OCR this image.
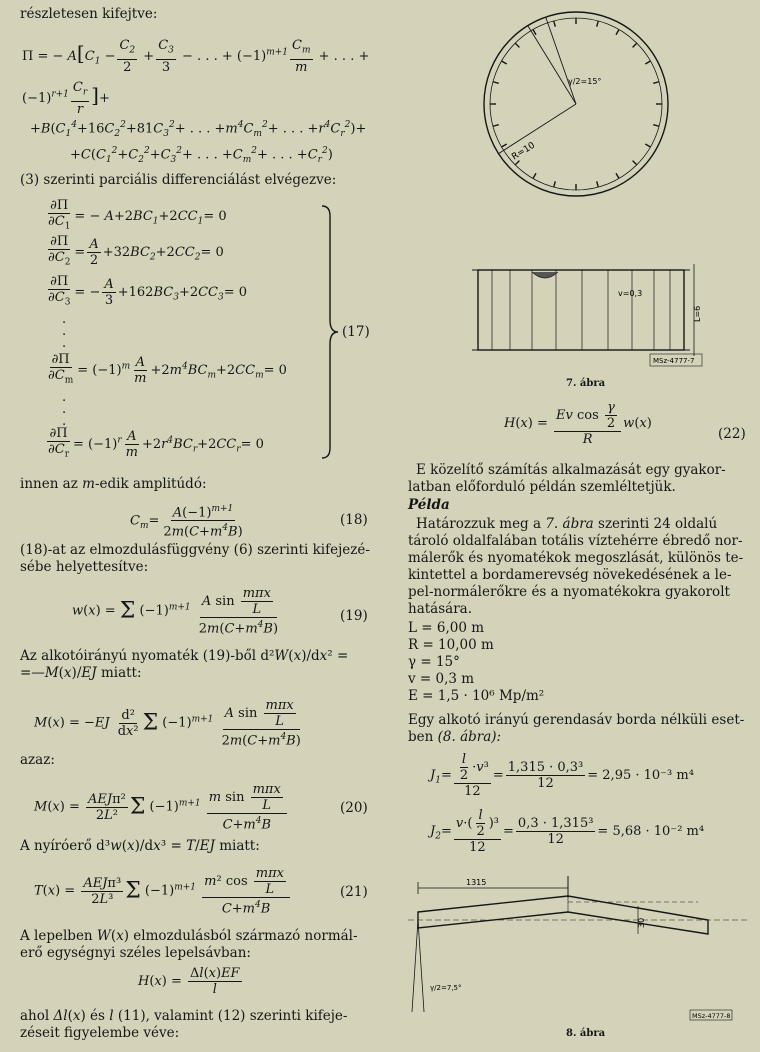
részletesen kifejtve:
Π = − $A[C_1 - \frac{C_2}{2} + \frac{C_3}{3}$ − . . . + $(-1)^{m+1} \frac{C_m}{m}$ + . . . +
$(-1)^{r+1} \frac{C_r}{r}$ ]+
$+B(C_1^4+16C_2^2+81C_3^2+$ . . . $+m^4C_m^2+$ . . . $+r^4C_r^2)+$
$+C(C_1^2+C_2^2+C_3^2+$ . . . $+C_m^2+$ . . . $+C_r^2$)
(3) szerinti parciális differenciálást elvégezve:
$\frac{\partial\Pi}{\partial C_1}$ = − $A+2BC_1+2CC_1= 0$
$\frac{\partial\Pi}{\partial C_2} = \frac{A}{2} +32BC_2+2CC_2= 0$
$\frac{\partial\Pi}{\partial C_3}$ = − $\frac{A}{3} +162BC_3+2CC_3= 0$
.
.
.
$\frac{\partial\Pi}{\partial C_m} = (-1)^m \frac{A}{m} +2m^4BC_m+2CC_m= 0$
.
.
.
$\frac{\partial\Pi}{\partial C_r} = (-1)^r \frac{A}{m} +2r^4BC_r+2CC_r= 0$
(17)
innen az m-edik amplitúdó:
$C_m= \frac{A(-1)^{m+1}}{2m(C+m^4B)}$	(18)
(18)-at az elmozdulásfüggvény (6) szerinti kifejezé-
sébe helyettesítve:
w(x) = Σ $(-1)^{m+1} \frac{A \sin \frac{\text{mπx}}{L}}{2m(C+m^4B)}$	(19)
Az alkotóirányú nyomaték (19)-ből d²W(x)/dx² =
=—M(x)/EJ miatt:
$M(x) = -EJ \frac{\text{d²}}{\text{dx²}}$ Σ $(-1)^{m+1} \frac{A \sin \frac{\text{mπx}}{L}}{2m(C+m^4B)}$
azaz:
$M(x) = \frac{\text{AEJπ²}}{\text{2L²}}$ Σ $(-1)^{m+1} \frac{m \sin \frac{\text{mπx}}{L}}{C+m^4B}$	(20)
A nyíróerő d³w(x)/dx³ = T/EJ miatt:
$T(x) = \frac{\text{AEJπ³}}{\text{2L³}}$ Σ $(-1)^{m+1} \frac{m^2 \cos \frac{\text{mπx}}{L}}{C+m^4B}$	(21)
A lepelben W(x) elmozdulásból származó normál-
erő egységnyi széles lepelsávban:
$H(x) = \frac{\Delta l(x)EF}{l}$
ahol Δl(x) és l (11), valamint (12) szerinti kifeje-
zéseit figyelembe véve:
R=10
γ/2=15°
v=0,3
L=6
MSz-4777-7
7. ábra
$H(x) = \frac{Ev \cos \frac{\gamma}{2}}{R} w(x)$
(22)
E közelítő számítás alkalmazását egy gyakor-
latban előforduló példán szemléltetjük.
Példa
Határozzuk meg a 7. ábra szerinti 24 oldalú
tároló oldalfalában totális víztehérre ébredő nor-
málerők és nyomatékok megoszlását, különös te-
kintettel a bordamerevség növekedésének a le-
pel-normálerőkre és a nyomatékokra gyakorolt
hatására.
L = 6,00 m
R = 10,00 m
γ = 15°
v = 0,3 m
E = 1,5 · 10⁶ Mp/m²
Egy alkotó irányú gerendasáv borda nélküli eset-
ben (8. ábra):
$J_1= \frac{\frac{l}{2} \cdot v^3}{12} = \frac{\text{1,315 · 0,3³}}{12} = 2,95 \cdot 10^{-3}$ m⁴
$J_2= \frac{v\cdot( \frac{l}{2} )^3}{12} = \frac{\text{0,3 · 1,315³}}{12} = 5,68 \cdot 10^{-2}$ m⁴
1315
30
γ/2=7,5°
MSz-4777-8
8. ábra
